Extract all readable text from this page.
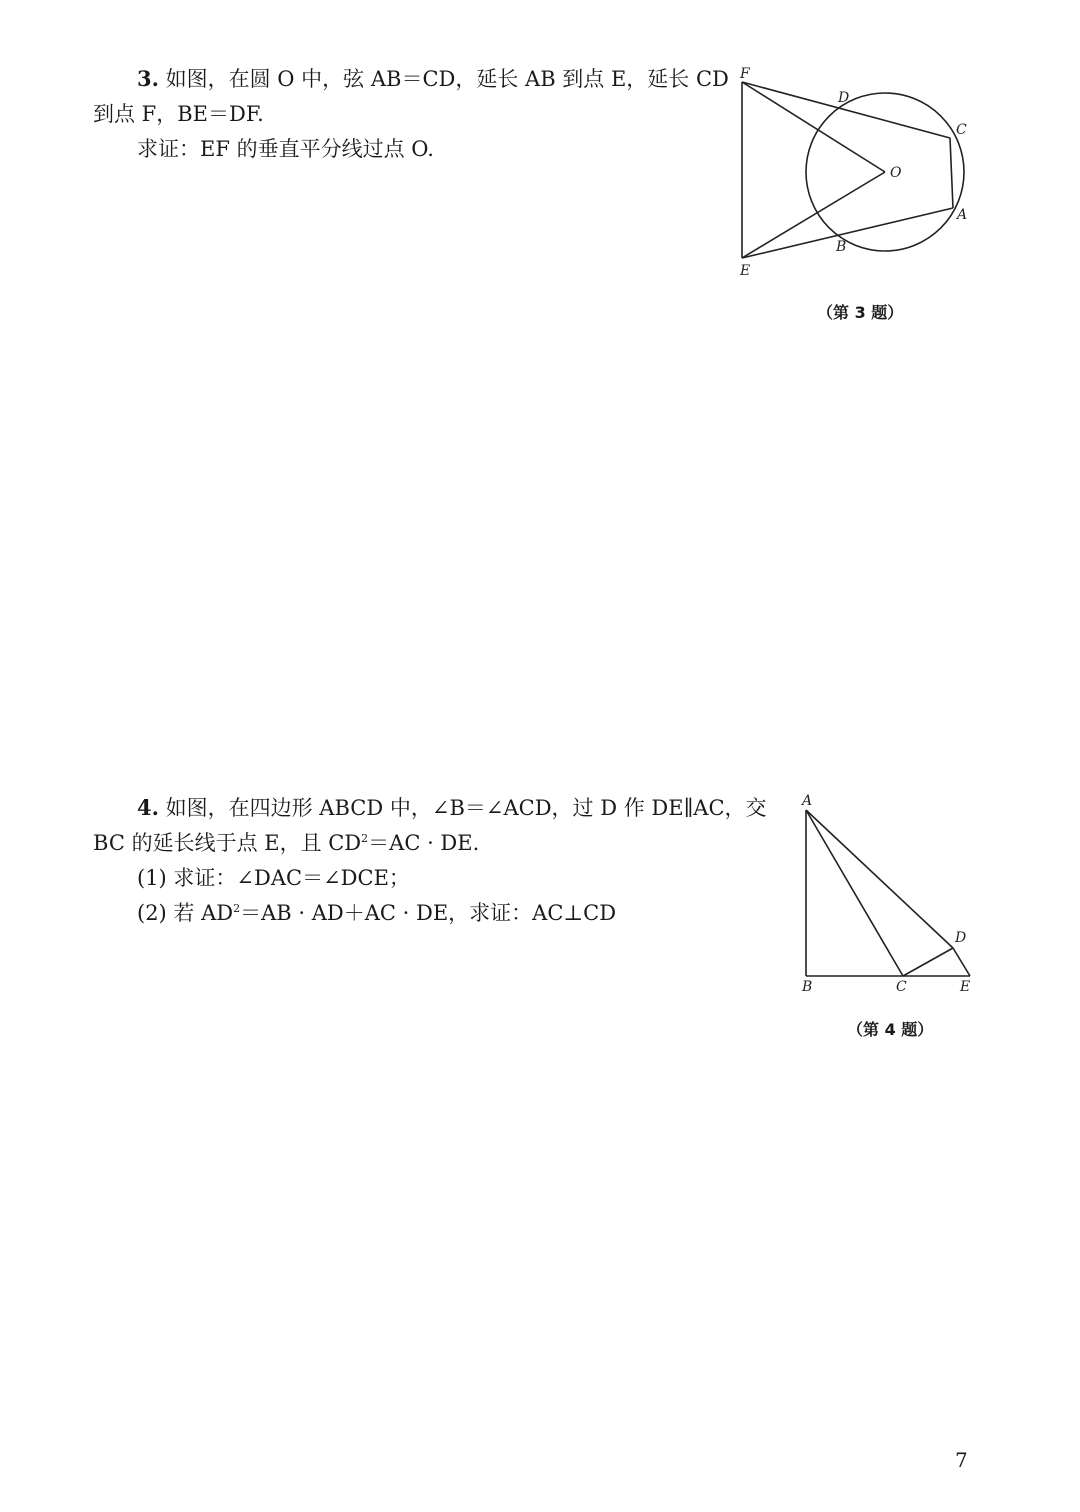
3. 如图，在圆 O 中，弦 AB＝CD，延长 AB 到点 E，延长 CD

到点 F，BE＝DF.

求证：EF 的垂直平分线过点 O.

F
D
C
O
A
B
E
（第 3 题）

4. 如图，在四边形 ABCD 中，∠B＝∠ACD，过 D 作 DE∥AC，交

BC 的延长线于点 E，且 $CD^2=AC$ · DE.

(1) 求证：∠DAC＝∠DCE；

(2) 若 $AD^2=AB \cdot AD+AC$ · DE，求证：AC⊥CD

A
D
B	C	E
（第 4 题）
7
